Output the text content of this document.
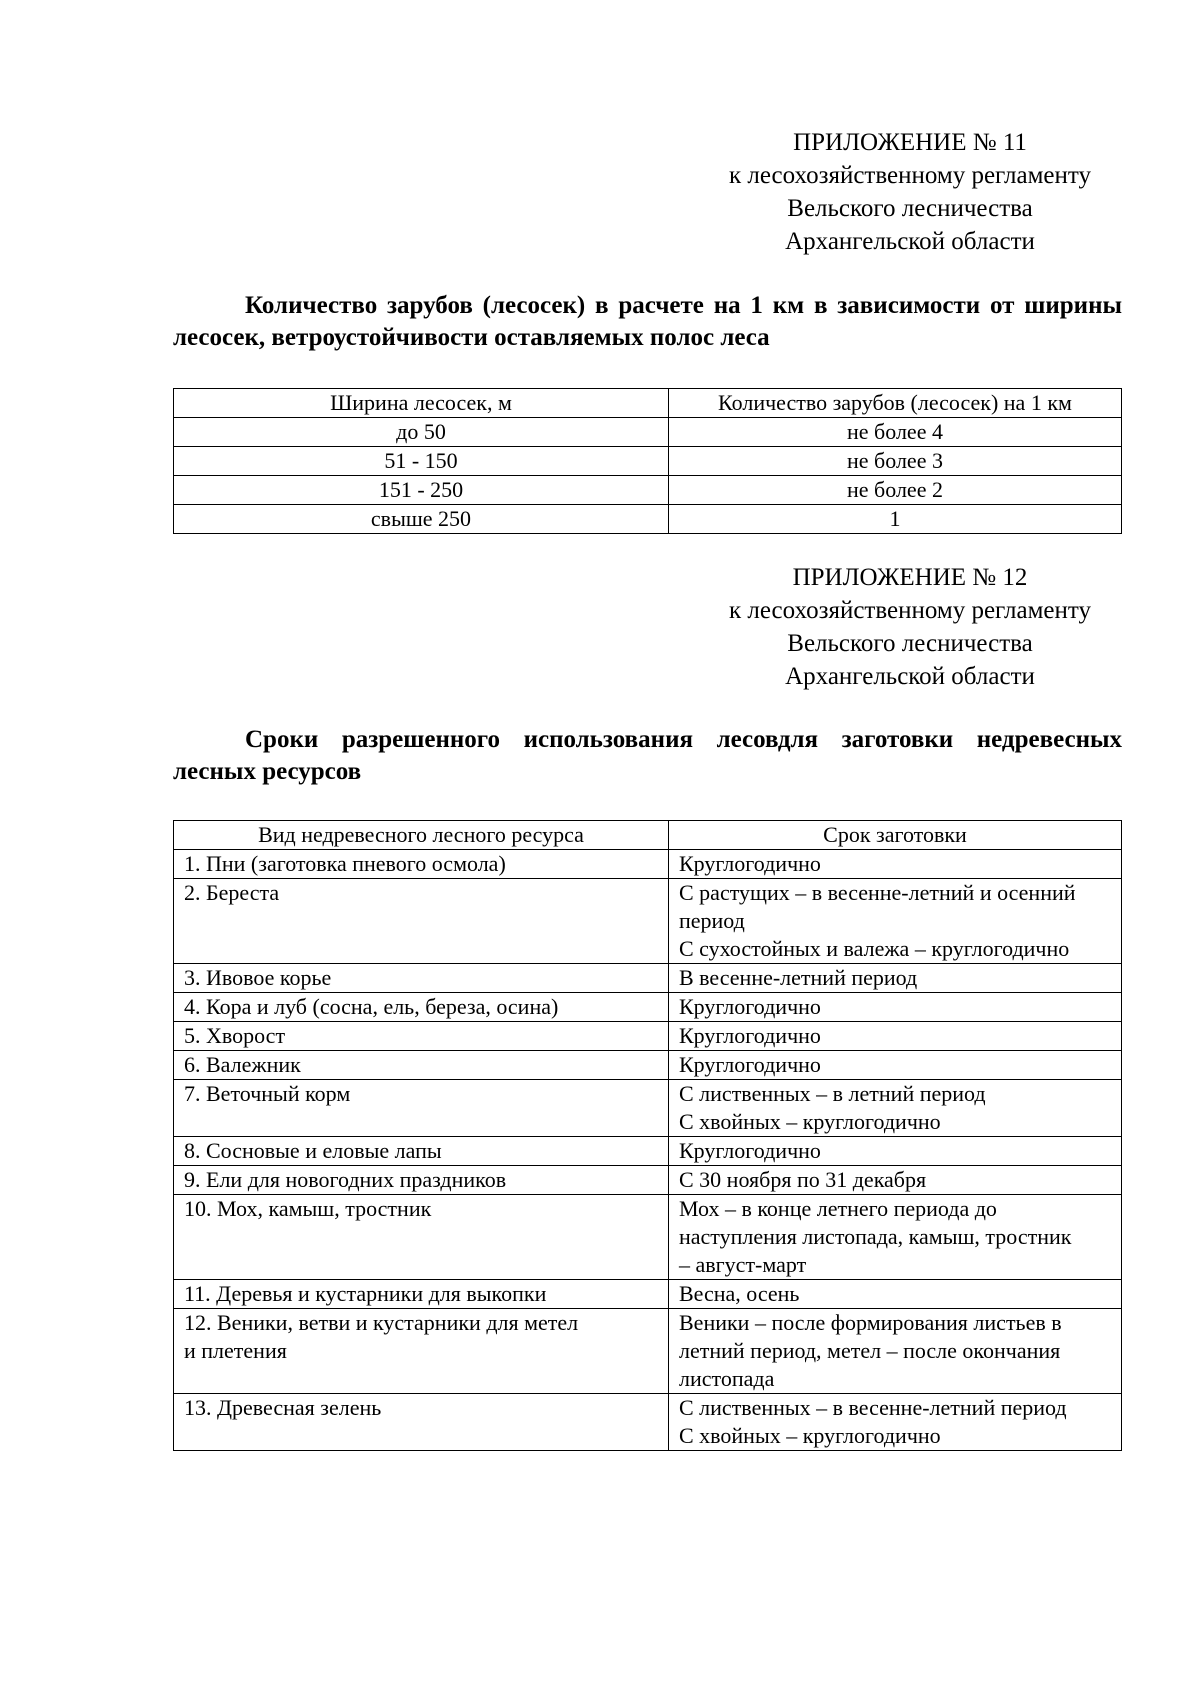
ПРИЛОЖЕНИЕ № 11
к лесохозяйственному регламенту
Вельского лесничества
Архангельской области
Количество зарубов (лесосек) в расчете на 1 км в зависимости от ширины лесосек, ветроустойчивости оставляемых полос леса
Ширина лесосек, м	Количество зарубов (лесосек) на 1 км
до 50	не более 4
51 - 150	не более 3
151 - 250	не более 2
свыше 250	1
ПРИЛОЖЕНИЕ № 12
к лесохозяйственному регламенту
Вельского лесничества
Архангельской области
Сроки разрешенного использования лесовдля заготовки недревесных лесных ресурсов
Вид недревесного лесного ресурса	Срок заготовки

1. Пни (заготовка пневого осмола)	Круглогодично

2. Береста	С растущих – в весенне-летний и осенний
период
С сухостойных и валежа – круглогодично

3. Ивовое корье	В весенне-летний период

4. Кора и луб (сосна, ель, береза, осина)	Круглогодично

5. Хворост	Круглогодично

6. Валежник	Круглогодично

7. Веточный корм	С лиственных – в летний период
С хвойных – круглогодично

8. Сосновые и еловые лапы	Круглогодично

9. Ели для новогодних праздников	С 30 ноября по 31 декабря

10. Мох, камыш, тростник	Мох – в конце летнего периода до
наступления листопада, камыш, тростник
– август-март

11. Деревья и кустарники для выкопки	Весна, осень

12. Веники, ветви и кустарники для метел
и плетения	Веники – после формирования листьев в
летний период, метел – после окончания
листопада

13. Древесная зелень	С лиственных – в весенне-летний период
С хвойных – круглогодично
